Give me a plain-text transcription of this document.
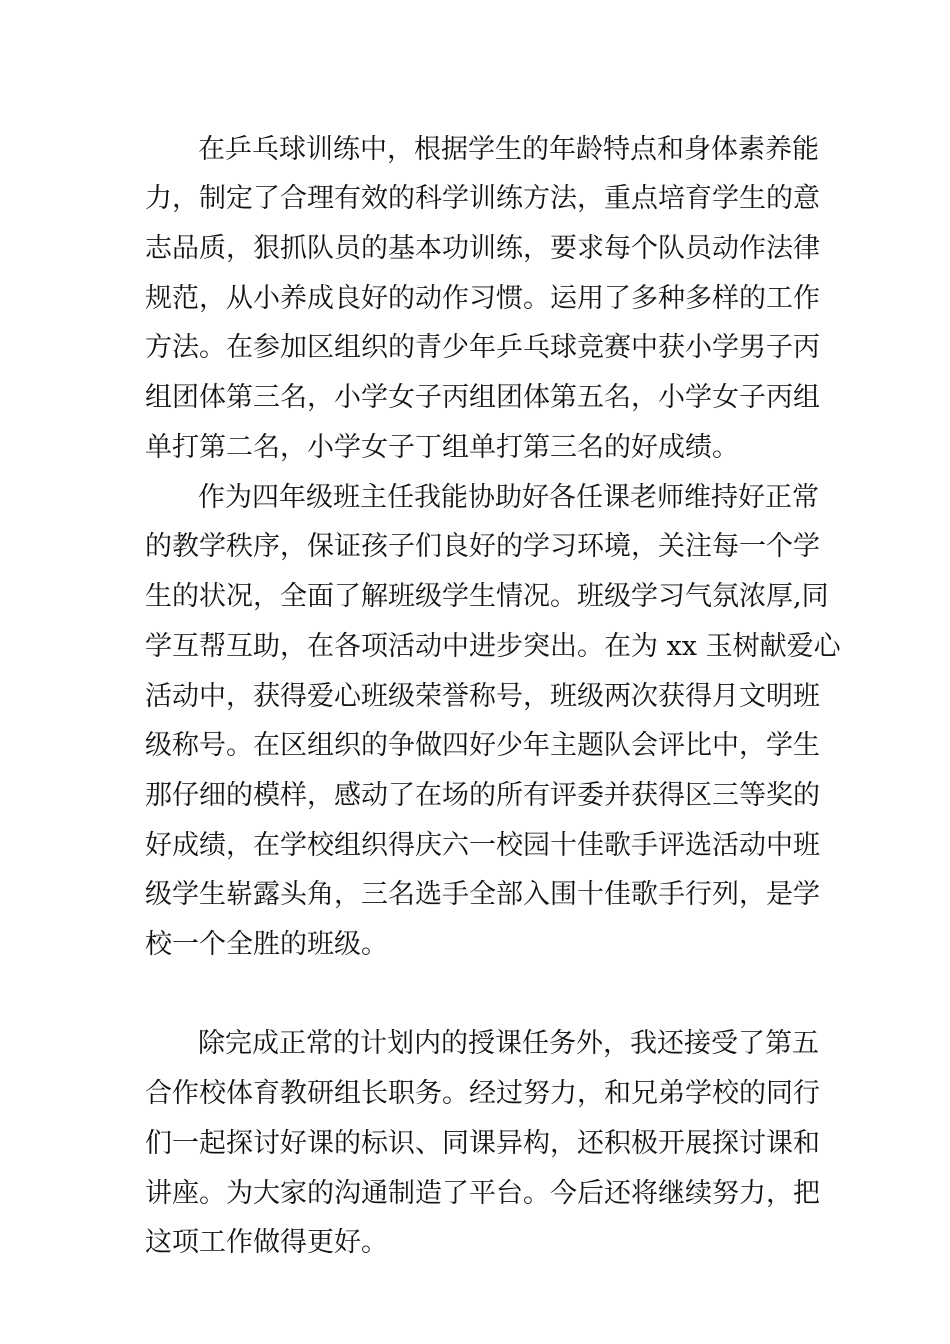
在乒乓球训练中，根据学生的年龄特点和身体素养能
力，制定了合理有效的科学训练方法，重点培育学生的意
志品质，狠抓队员的基本功训练，要求每个队员动作法律
规范，从小养成良好的动作习惯。运用了多种多样的工作
方法。在参加区组织的青少年乒乓球竞赛中获小学男子丙
组团体第三名，小学女子丙组团体第五名，小学女子丙组
单打第二名，小学女子丁组单打第三名的好成绩。
作为四年级班主任我能协助好各任课老师维持好正常
的教学秩序，保证孩子们良好的学习环境，关注每一个学
生的状况，全面了解班级学生情况。班级学习气氛浓厚,同
学互帮互助，在各项活动中进步突出。在为 xx 玉树献爱心
活动中，获得爱心班级荣誉称号，班级两次获得月文明班
级称号。在区组织的争做四好少年主题队会评比中，学生
那仔细的模样，感动了在场的所有评委并获得区三等奖的
好成绩，在学校组织得庆六一校园十佳歌手评选活动中班
级学生崭露头角，三名选手全部入围十佳歌手行列，是学
校一个全胜的班级。
除完成正常的计划内的授课任务外，我还接受了第五
合作校体育教研组长职务。经过努力，和兄弟学校的同行
们一起探讨好课的标识、同课异构，还积极开展探讨课和
讲座。为大家的沟通制造了平台。今后还将继续努力，把
这项工作做得更好。
